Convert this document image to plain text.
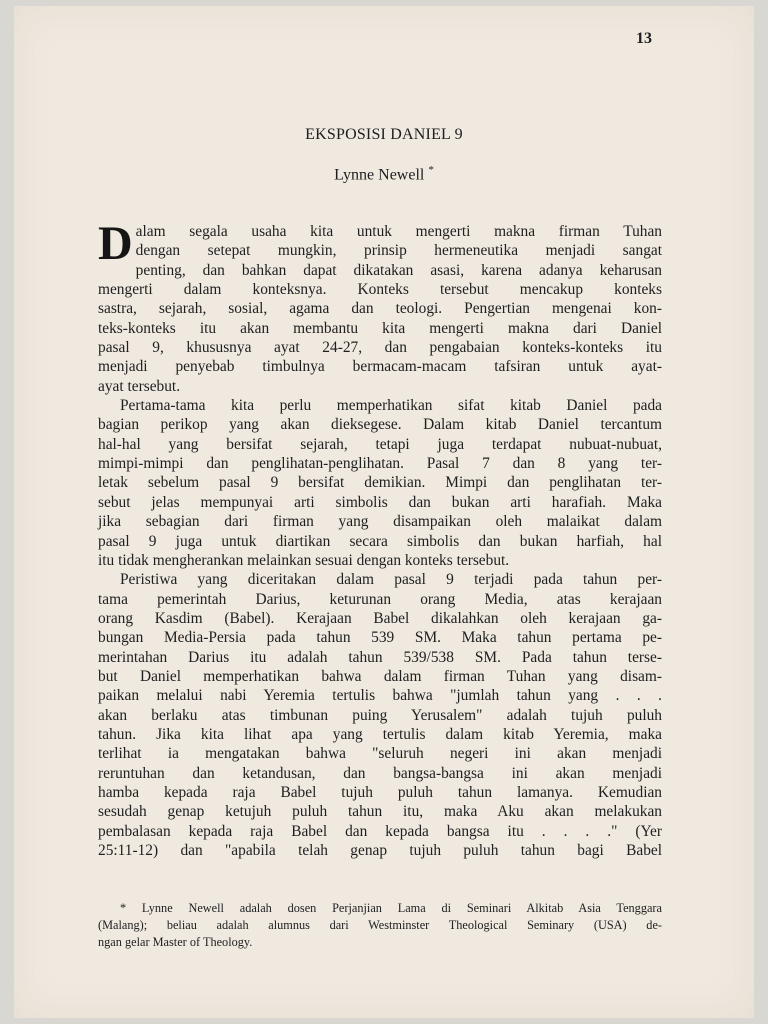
13
EKSPOSISI DANIEL 9
Lynne Newell *

Dalam segala usaha kita untuk mengerti makna firman Tuhan

dengan setepat mungkin, prinsip hermeneutika menjadi sangat

penting, dan bahkan dapat dikatakan asasi, karena adanya keharusan

mengerti dalam konteksnya. Konteks tersebut mencakup konteks

sastra, sejarah, sosial, agama dan teologi. Pengertian mengenai kon-

teks-konteks itu akan membantu kita mengerti makna dari Daniel

pasal 9, khususnya ayat 24-27, dan pengabaian konteks-konteks itu

menjadi penyebab timbulnya bermacam-macam tafsiran untuk ayat-

ayat tersebut.

Pertama-tama kita perlu memperhatikan sifat kitab Daniel pada

bagian perikop yang akan dieksegese. Dalam kitab Daniel tercantum

hal-hal yang bersifat sejarah, tetapi juga terdapat nubuat-nubuat,

mimpi-mimpi dan penglihatan-penglihatan. Pasal 7 dan 8 yang ter-

letak sebelum pasal 9 bersifat demikian. Mimpi dan penglihatan ter-

sebut jelas mempunyai arti simbolis dan bukan arti harafiah. Maka

jika sebagian dari firman yang disampaikan oleh malaikat dalam

pasal 9 juga untuk diartikan secara simbolis dan bukan harfiah, hal

itu tidak mengherankan melainkan sesuai dengan konteks tersebut.

Peristiwa yang diceritakan dalam pasal 9 terjadi pada tahun per-

tama pemerintah Darius, keturunan orang Media, atas kerajaan

orang Kasdim (Babel). Kerajaan Babel dikalahkan oleh kerajaan ga-

bungan Media-Persia pada tahun 539 SM. Maka tahun pertama pe-

merintahan Darius itu adalah tahun 539/538 SM. Pada tahun terse-

but Daniel memperhatikan bahwa dalam firman Tuhan yang disam-

paikan melalui nabi Yeremia tertulis bahwa "jumlah tahun yang . . .

akan berlaku atas timbunan puing Yerusalem" adalah tujuh puluh

tahun. Jika kita lihat apa yang tertulis dalam kitab Yeremia, maka

terlihat ia mengatakan bahwa "seluruh negeri ini akan menjadi

reruntuhan dan ketandusan, dan bangsa-bangsa ini akan menjadi

hamba kepada raja Babel tujuh puluh tahun lamanya. Kemudian

sesudah genap ketujuh puluh tahun itu, maka Aku akan melakukan

pembalasan kepada raja Babel dan kepada bangsa itu . . . ." (Yer

25:11-12) dan "apabila telah genap tujuh puluh tahun bagi Babel

* Lynne Newell adalah dosen Perjanjian Lama di Seminari Alkitab Asia Tenggara

(Malang); beliau adalah alumnus dari Westminster Theological Seminary (USA) de-

ngan gelar Master of Theology.
